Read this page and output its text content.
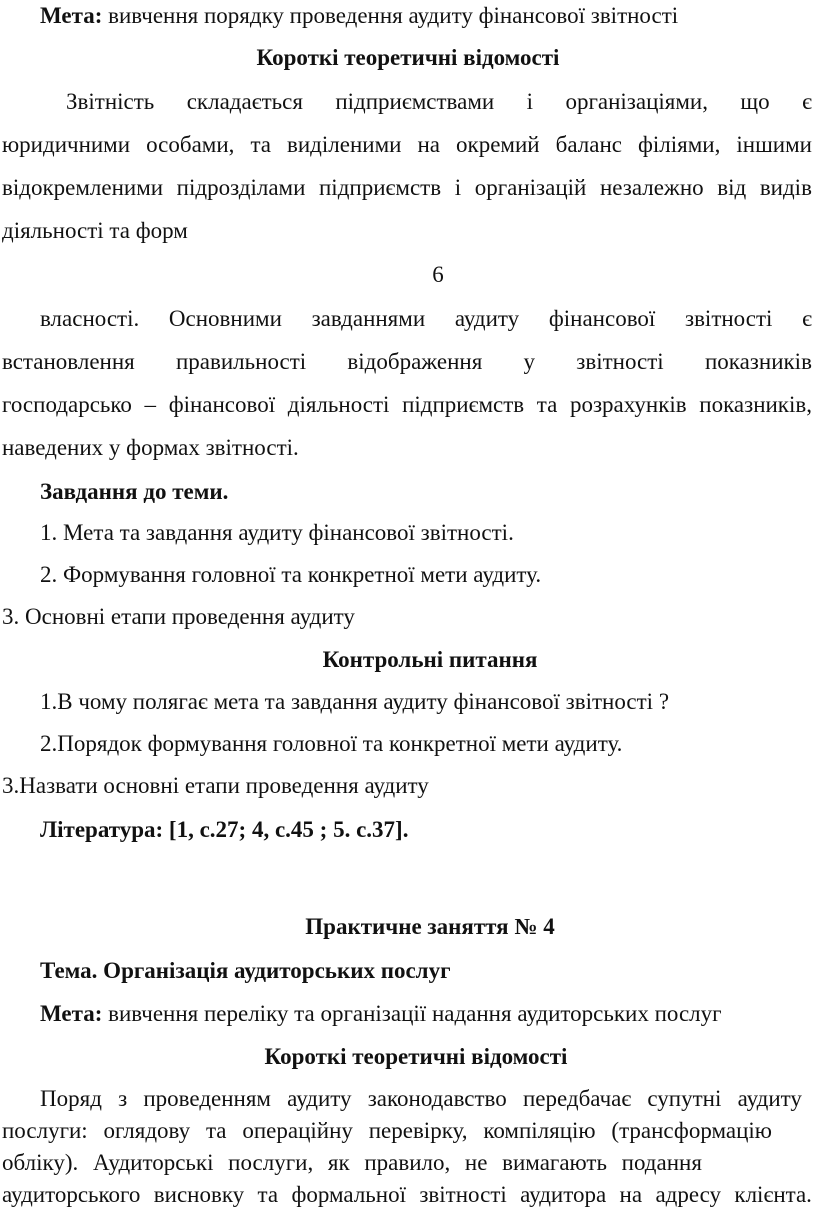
Мета: вивчення порядку проведення аудиту фінансової звітності
Короткі теоретичні відомості
Звітність складається підприємствами і організаціями, що є
юридичними особами, та виділеними на окремий баланс філіями, іншими
відокремленими підрозділами підприємств і організацій незалежно від видів
діяльності та форм
6
власності. Основними завданнями аудиту фінансової звітності є
встановлення правильності відображення у звітності показників
господарсько – фінансової діяльності підприємств та розрахунків показників,
наведених у формах звітності.
Завдання до теми.
1. Мета та завдання аудиту фінансової звітності.
2. Формування головної та конкретної мети аудиту.
3. Основні етапи проведення аудиту
Контрольні питання
1.В чому полягає мета та завдання аудиту фінансової звітності ?
2.Порядок формування головної та конкретної мети аудиту.
3.Назвати основні етапи проведення аудиту
Література: [1, с.27; 4, с.45 ; 5. с.37].
Практичне заняття № 4
Тема. Організація аудиторських послуг
Мета: вивчення переліку та організації надання аудиторських послуг
Короткі теоретичні відомості
Поряд з проведенням аудиту законодавство передбачає супутні аудиту
послуги: оглядову та операційну перевірку, компіляцію (трансформацію
обліку). Аудиторські послуги, як правило, не вимагають подання
аудиторського висновку та формальної звітності аудитора на адресу клієнта.
